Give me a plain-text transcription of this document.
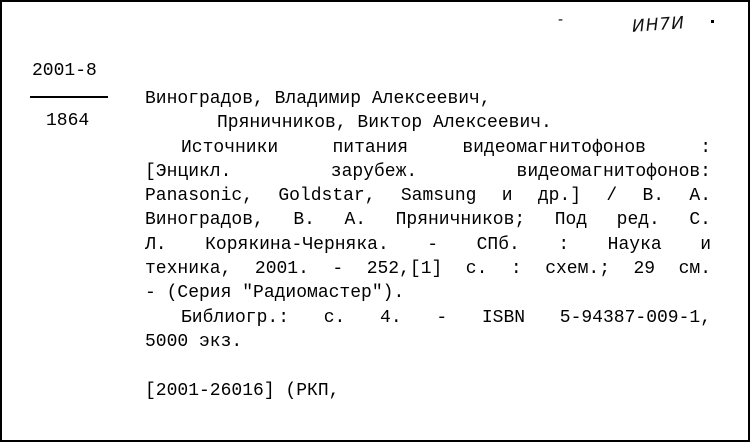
-	ИН7И
2001-8
1864
Виноградов, Владимир Алексеевич,
Пряничников, Виктор Алексеевич.
Источники питания видеомагнитофонов :
[Энцикл. зарубеж. видеомагнитофонов:
Panasonic, Goldstar, Samsung и др.] / В. А.
Виноградов, В. А. Пряничников; Под ред. С.
Л. Корякина-Черняка. - СПб. : Наука и
техника, 2001. - 252,[1] с. : схем.; 29 см.
- (Серия "Радиомастер").
Библиогр.: с. 4. - ISBN 5-94387-009-1,
5000 экз.
[2001-26016] (РКП,
